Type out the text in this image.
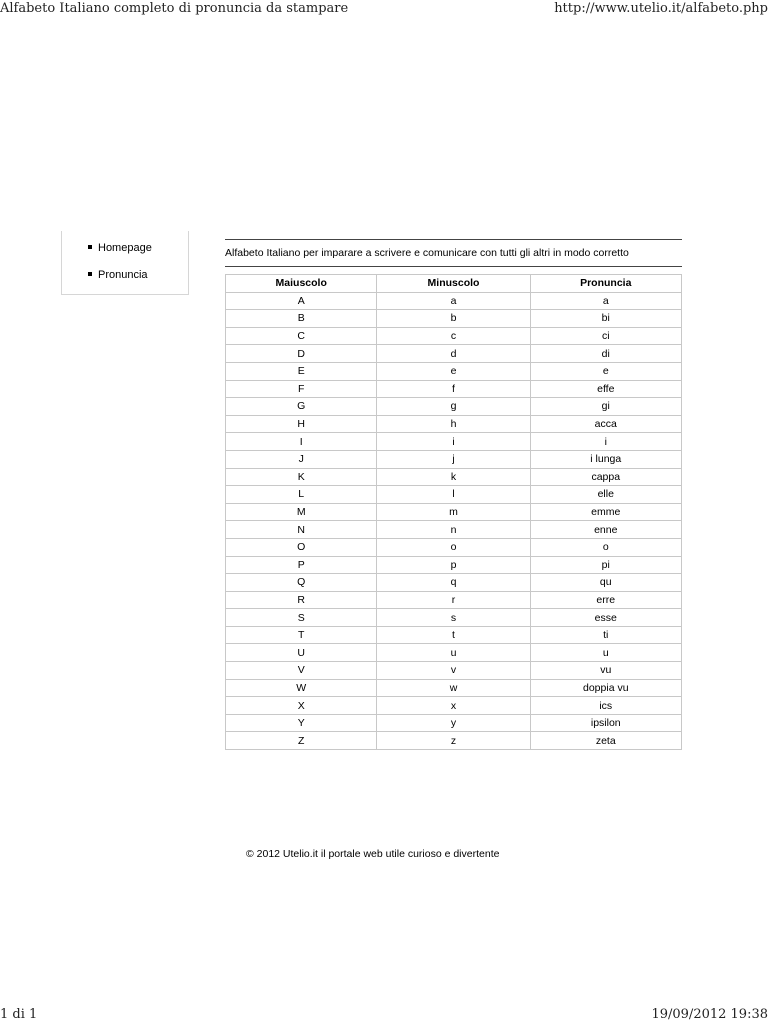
Alfabeto Italiano completo di pronuncia da stampare	http://www.utelio.it/alfabeto.php
Homepage
Pronuncia
Alfabeto Italiano per imparare a scrivere e comunicare con tutti gli altri in modo corretto
Maiuscolo	Minuscolo	Pronuncia
A	a	a
B	b	bi
C	c	ci
D	d	di
E	e	e
F	f	effe
G	g	gi
H	h	acca
I	i	i
J	j	i lunga
K	k	cappa
L	l	elle
M	m	emme
N	n	enne
O	o	o
P	p	pi
Q	q	qu
R	r	erre
S	s	esse
T	t	ti
U	u	u
V	v	vu
W	w	doppia vu
X	x	ics
Y	y	ipsilon
Z	z	zeta
© 2012 Utelio.it il portale web utile curioso e divertente
1 di 1	19/09/2012 19:38
